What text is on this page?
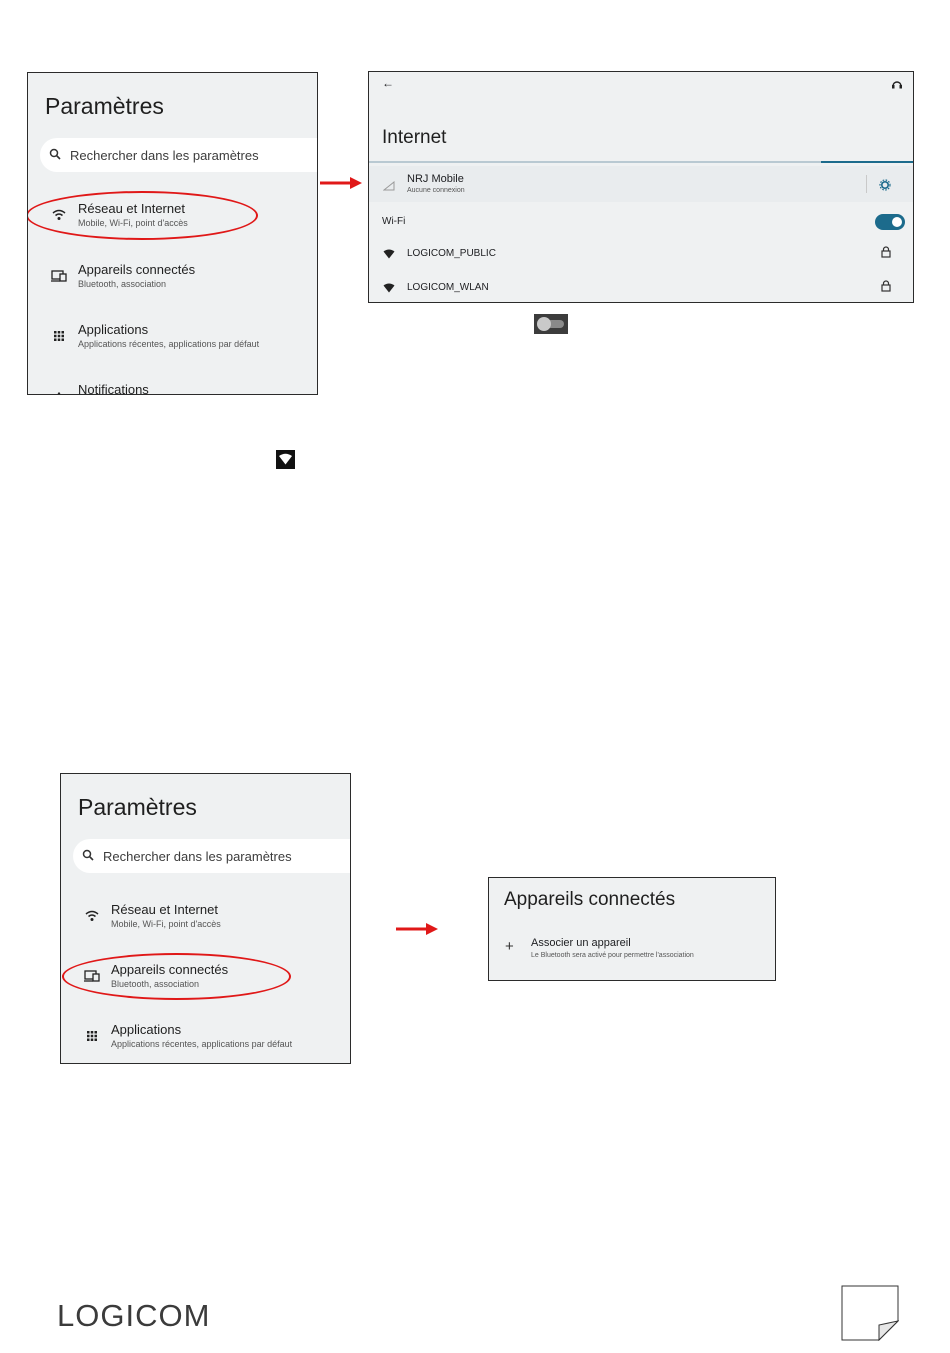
Paramètres
Rechercher dans les paramètres
Réseau et Internet
Mobile, Wi-Fi, point d'accès
Appareils connectés
Bluetooth, association
Applications
Applications récentes, applications par défaut
Notifications
←
Internet
NRJ Mobile
Aucune connexion
Wi-Fi
LOGICOM_PUBLIC
LOGICOM_WLAN
Paramètres
Rechercher dans les paramètres
Réseau et Internet
Mobile, Wi-Fi, point d'accès
Appareils connectés
Bluetooth, association
Applications
Applications récentes, applications par défaut
Appareils connectés
+ Associer un appareil
Le Bluetooth sera activé pour permettre l'association
LOGICOM
